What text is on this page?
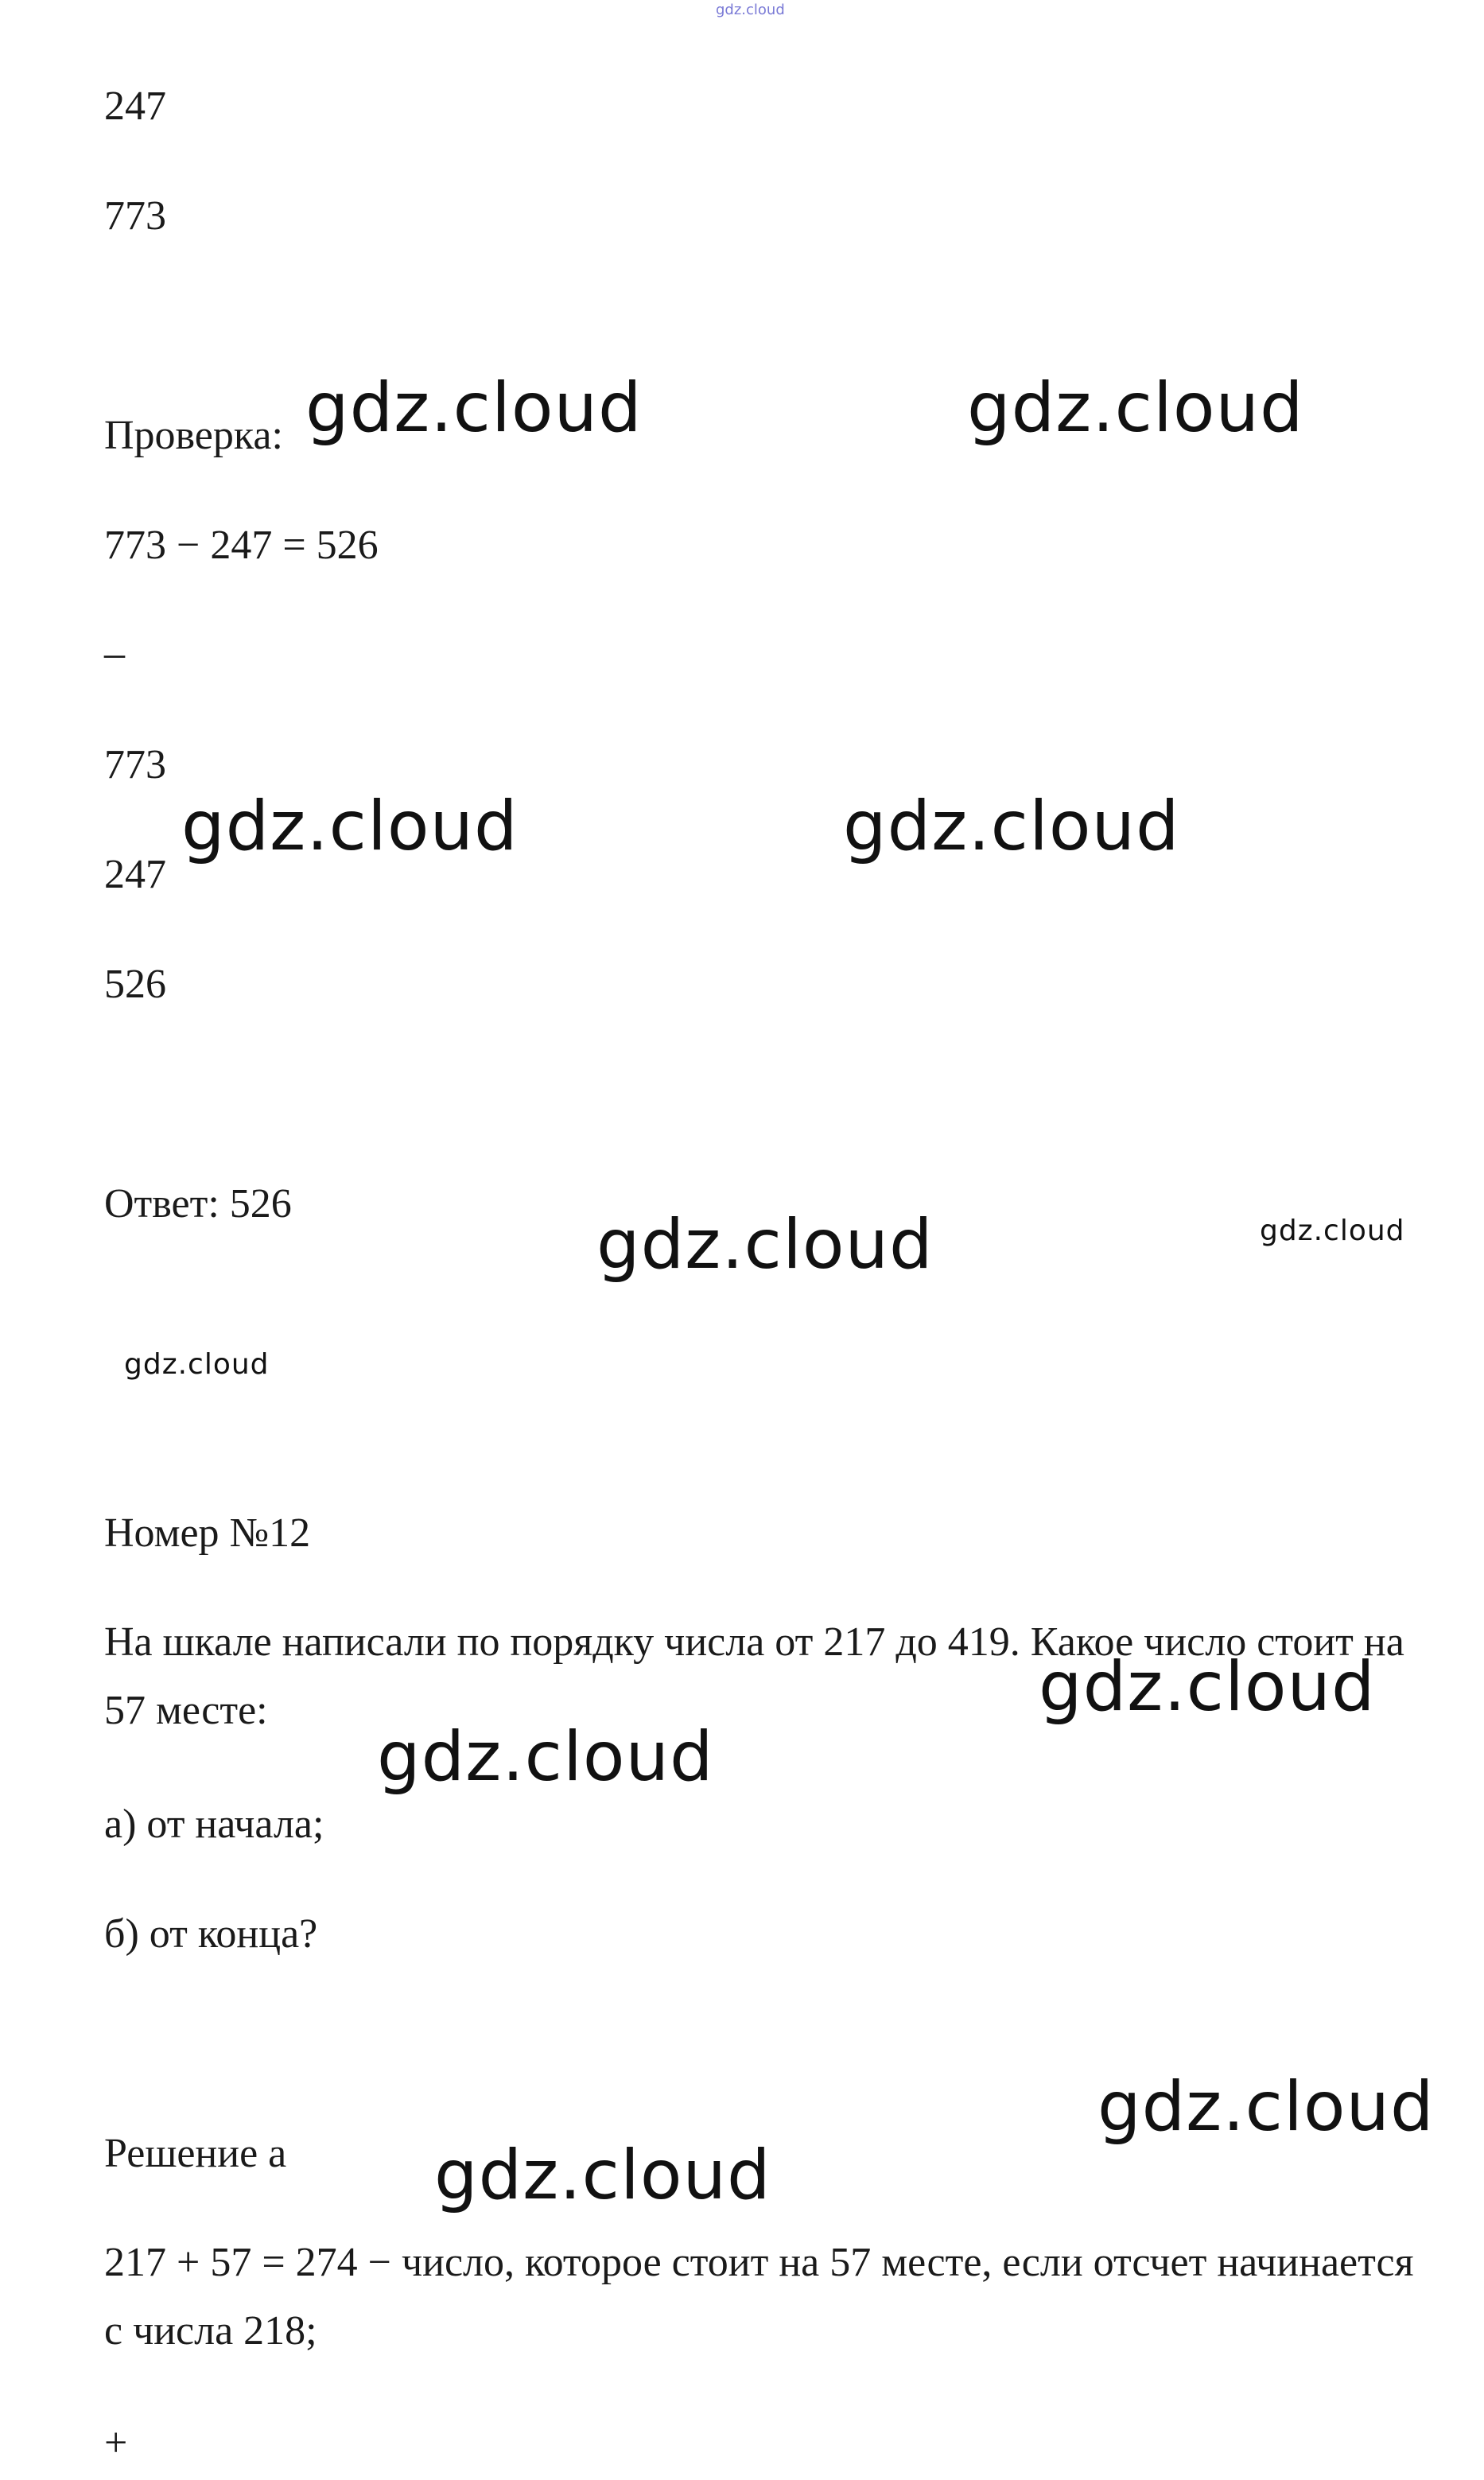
gdz.cloud
247
773
Проверка:
773 − 247 = 526
–
773
247
526
Ответ: 526
Номер №12
На шкале написали по порядку числа от 217 до 419. Какое число стоит на 57 месте:
а) от начала;
б) от конца?
Решение а
217 + 57 = 274 − число, которое стоит на 57 месте, если отсчет начинается с числа 218;
+
gdz.cloud	gdz.cloud
gdz.cloud	gdz.cloud
gdz.cloud	gdz.cloud
gdz.cloud
gdz.cloud
gdz.cloud
gdz.cloud
gdz.cloud
